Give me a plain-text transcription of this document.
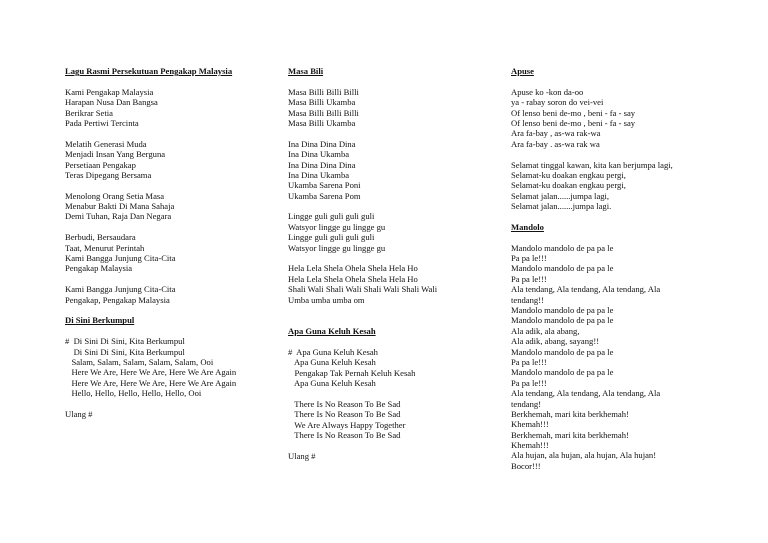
Lagu Rasmi Persekutuan Pengakap Malaysia
Kami Pengakap Malaysia
Harapan Nusa Dan Bangsa
Berikrar Setia
Pada Pertiwi Tercinta
Melatih Generasi Muda
Menjadi Insan Yang Berguna
Persetiaan Pengakap
Teras Dipegang Bersama
Menolong Orang Setia Masa
Menabur Bakti Di Mana Sahaja
Demi Tuhan, Raja Dan Negara
Berbudi, Bersaudara
Taat, Menurut Perintah
Kami Bangga Junjung Cita-Cita
Pengakap Malaysia
Kami Bangga Junjung Cita-Cita
Pengakap, Pengakap Malaysia
Di Sini Berkumpul
#  Di Sini Di Sini, Kita Berkumpul
Di Sini Di Sini, Kita Berkumpul
Salam, Salam, Salam, Salam, Salam, Ooi
Here We Are, Here We Are, Here We Are Again
Here We Are, Here We Are, Here We Are Again
Hello, Hello, Hello, Hello, Hello, Ooi
Ulang #
Masa Bili
Masa Billi Billi Billi
Masa Billi Ukamba
Masa Billi Billi Billi
Masa Billi Ukamba
Ina Dina Dina Dina
Ina Dina Ukamba
Ina Dina Dina Dina
Ina Dina Ukamba
Ukamba Sarena Poni
Ukamba Sarena Pom
Lingge guli guli guli guli
Watsyor lingge gu lingge gu
Lingge guli guli guli guli
Watsyor lingge gu lingge gu
Hela Lela Shela Ohela Shela Hela Ho
Hela Lela Shela Ohela Shela Hela Ho
Shali Wali Shali Wali Shali Wali Shali Wali
Umba umba umba om
Apa Guna Keluh Kesah
#  Apa Guna Keluh Kesah
Apa Guna Keluh Kesah
Pengakap Tak Pernah Keluh Kesah
Apa Guna Keluh Kesah
There Is No Reason To Be Sad
There Is No Reason To Be Sad
We Are Always Happy Together
There Is No Reason To Be Sad
Ulang #
Apuse
Apuse ko -kon da-oo
ya - rabay soron do vei-vei
Of lenso beni de-mo , beni - fa - say
Of lenso beni de-mo , beni - fa - say
Ara fa-bay , as-wa rak-wa
Ara fa-bay . as-wa rak wa
Selamat tinggal kawan, kita kan berjumpa lagi,
Selamat-ku doakan engkau pergi,
Selamat-ku doakan engkau pergi,
Selamat jalan......jumpa lagi,
Selamat jalan.......jumpa lagi.
Mandolo
Mandolo mandolo de pa pa le
Pa pa le!!!
Mandolo mandolo de pa pa le
Pa pa le!!!
Ala tendang, Ala tendang, Ala tendang, Ala
tendang!!
Mandolo mandolo de pa pa le
Mandolo mandolo de pa pa le
Ala adik, ala abang,
Ala adik, abang, sayang!!
Mandolo mandolo de pa pa le
Pa pa le!!!
Mandolo mandolo de pa pa le
Pa pa le!!!
Ala tendang, Ala tendang, Ala tendang, Ala
tendang!
Berkhemah, mari kita berkhemah!
Khemah!!!
Berkhemah, mari kita berkhemah!
Khemah!!!
Ala hujan, ala hujan, ala hujan, Ala hujan!
Bocor!!!
